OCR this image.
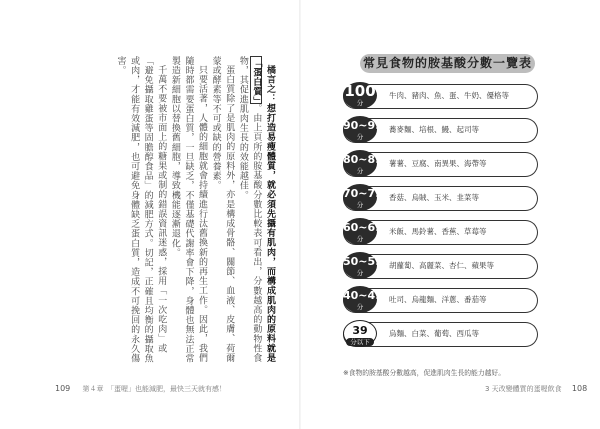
橘言之：想打造易瘦體質，就必須先攝有肌肉，而構成肌肉的原料就是「蛋白質」。由上頁所的胺基酸分數比較表可看出，分數越高的動物性食物，其促進肌肉生長的效能越佳。

蛋白質除了是肌肉的原料外，亦是構成骨骼、關節、血液、皮膚、荷爾蒙或酵素等不可或缺的營養素。

只要活著，人體的細胞就會持續進行汰舊換新的再生工作。因此，我們隨時都需要蛋白質，一旦缺乏，不僅基礎代謝率會下降，身體也無法正常製造新細胞以替換舊細胞，導致機能逐漸退化。

千萬不要被市面上的糖果或制的錯誤資訊迷惑，採用「一次吃肉」或「避免攝取雞蛋等固膽醇食品」的減肥方式。切記，正確且均衡的攝取魚或肉，才能有效減肥，也可避免身體缺乏蛋白質，造成不可挽回的永久傷害。

109 第４章　「蛋喔」也能減肥，最快三天就有感！
常見食物的胺基酸分數一覽表
100
分
牛肉、豬肉、魚、蛋、牛奶、優格等
90~99
分
蕎麥麵、培根、鰻、起司等
80~89
分
薯薯、豆腐、南異果、海帶等
70~79
分
香菇、烏賊、玉米、韭菜等
60~69
分
米飯、馬鈴薯、香蕉、草莓等
50~59
分
胡蘿蔔、高麗菜、杏仁、蘋果等
40~49
分
吐司、烏龍麵、洋蔥、番茄等
39
分以下
烏麵、白菜、葡萄、西瓜等
※食物的胺基酸分數越高，促進肌肉生長的能力越好。
3 天改變體質的蛋喔飲食 108
